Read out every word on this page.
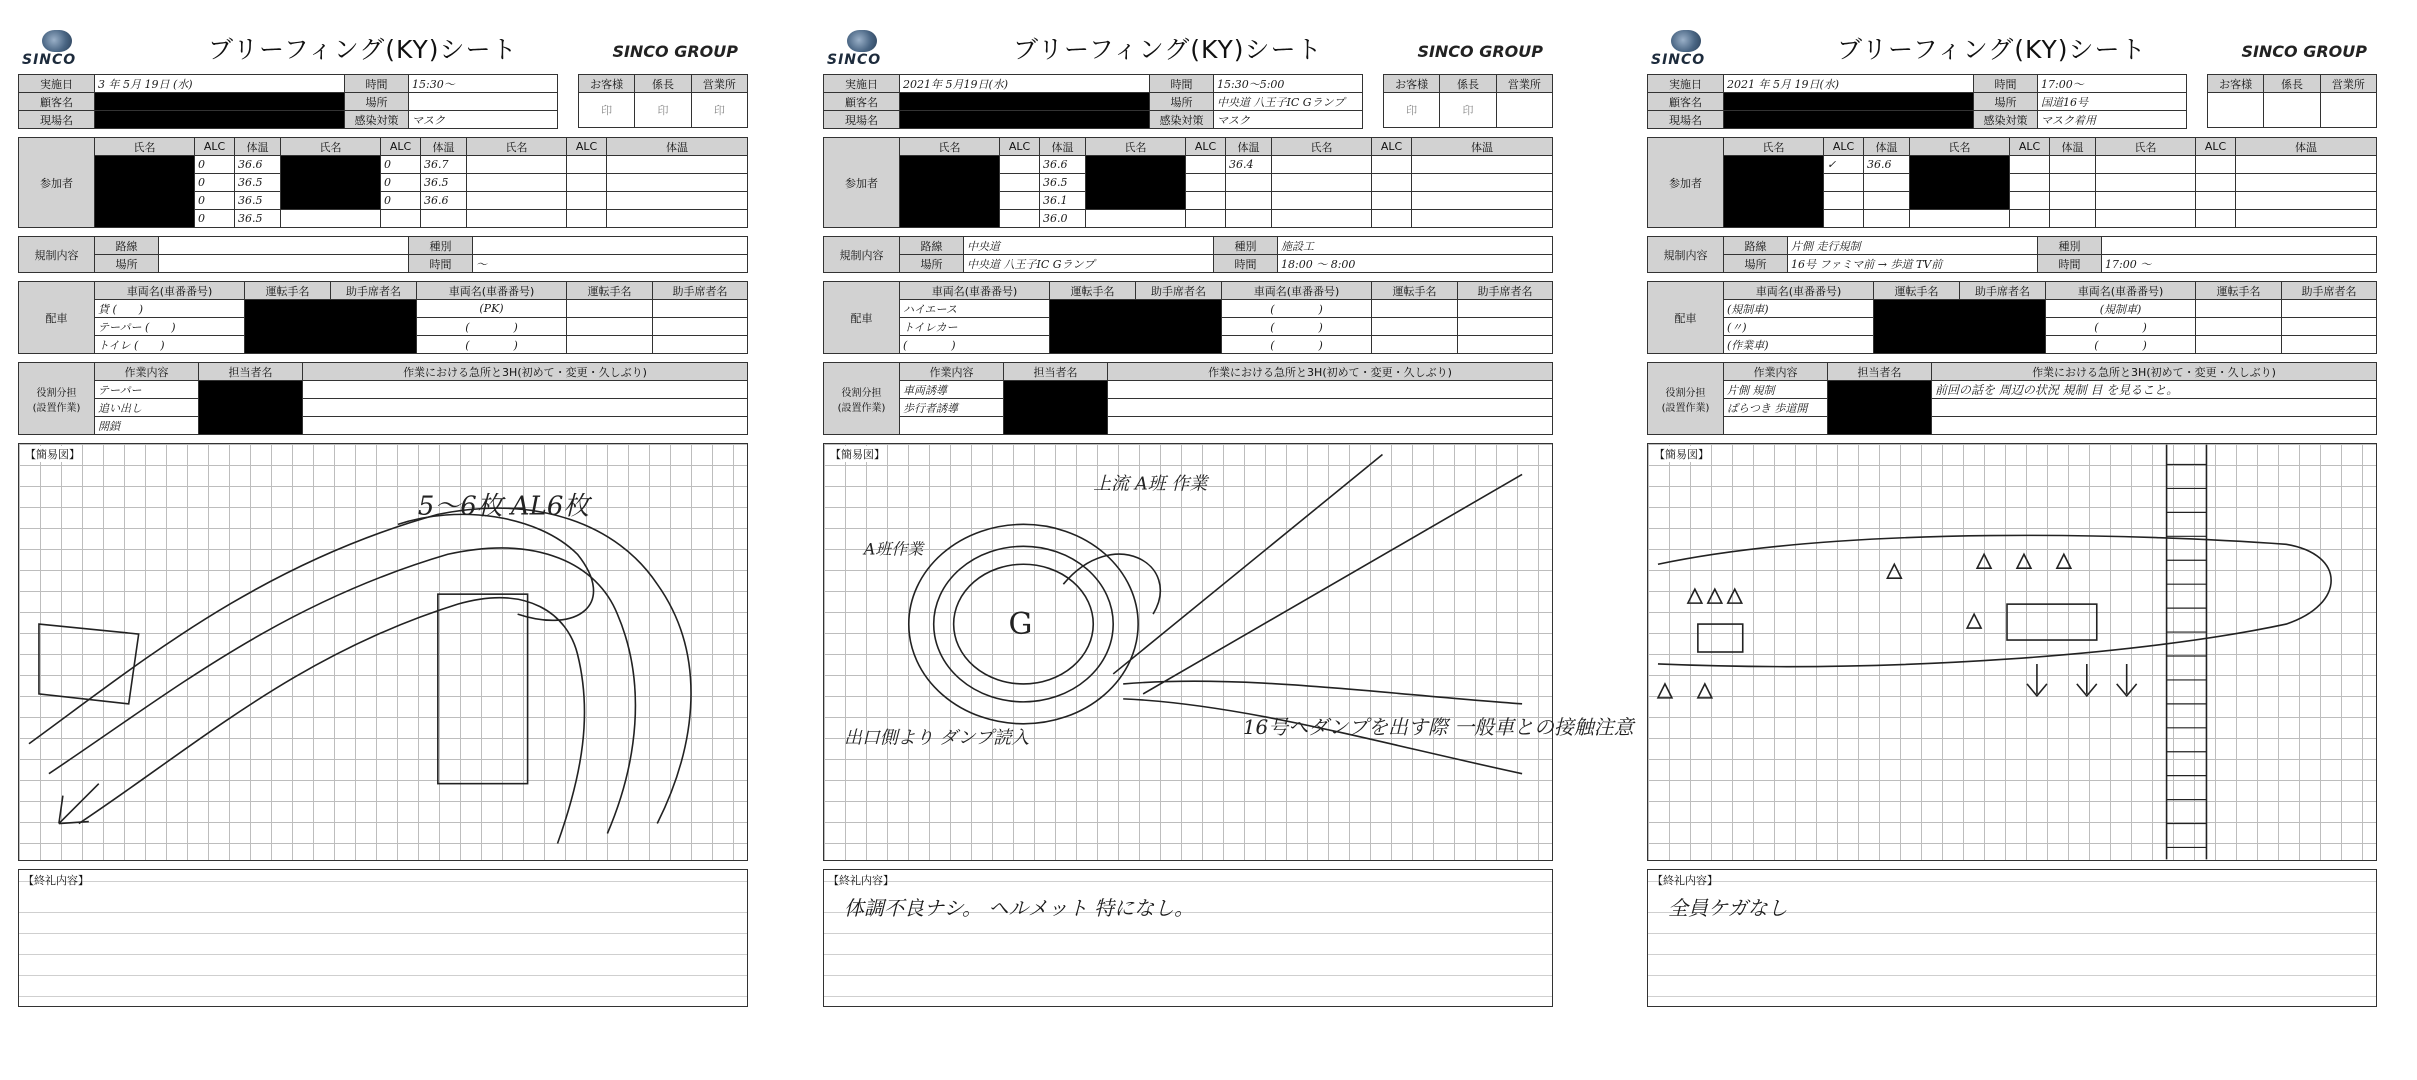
SINCO	ブリーフィング(KY)シート	SINCO GROUP
実施日	3 年 5月 19日 (水)	時間	15:30～
顧客名		場所	
現場名		感染対策	マスク
お客様	係長	営業所
印	印	印
参加者	氏名	ALC	体温	氏名	ALC	体温	氏名	ALC	体温
		0	36.6		0	36.7			
		0	36.5		0	36.5			
		0	36.5		0	36.6			
		0	36.5						
規制内容	路線		種別	
	場所		時間	～
配車	車両名(車番番号)	運転手名	助手席者名	車両名(車番番号)	運転手名	助手席者名
	貨 (　　)			(PK)		
	テーパー (　　)			(　　　　)		
	トイレ (　　)			(　　　　)		
役割分担
(設置作業)	作業内容	担当者名	作業における急所と3H(初めて・変更・久しぶり)
	テーパー		
	追い出し		
	開鎖		
【簡易図】
5～6枚 AL6枚
【終礼内容】
SINCO	ブリーフィング(KY)シート	SINCO GROUP
実施日	2021年 5月19日(水)	時間	15:30～5:00
顧客名		場所	中央道 八王子IC Gランプ
現場名		感染対策	マスク
お客様	係長	営業所
印	印	
参加者	氏名	ALC	体温	氏名	ALC	体温	氏名	ALC	体温
			36.6			36.4			
			36.5						
			36.1						
			36.0						
規制内容	路線	中央道	種別	施設工
	場所	中央道 八王子IC Gランプ	時間	18:00 ～ 8:00
配車	車両名(車番番号)	運転手名	助手席者名	車両名(車番番号)	運転手名	助手席者名
	ハイエース			(　　　　)		
	トイレカー			(　　　　)		
	(　　　　)			(　　　　)		
役割分担
(設置作業)	作業内容	担当者名	作業における急所と3H(初めて・変更・久しぶり)
	車両誘導		
	歩行者誘導		

【簡易図】
G
上流 A班 作業
A班作業
出口側より ダンプ読入	16号へダンプを出す際 一般車との接触注意
【終礼内容】
体調不良ナシ。 ヘルメット 特になし。
SINCO	ブリーフィング(KY)シート	SINCO GROUP
実施日	2021 年 5月 19日(水)	時間	17:00～
顧客名		場所	国道16号
現場名		感染対策	マスク着用
お客様	係長	営業所

参加者	氏名	ALC	体温	氏名	ALC	体温	氏名	ALC	体温
		✓	36.6						

規制内容	路線	片側 走行規制	種別	
	場所	16号 ファミマ前 → 歩道 TV前	時間	17:00 ～
配車	車両名(車番番号)	運転手名	助手席者名	車両名(車番番号)	運転手名	助手席者名
	(規制車)			(規制車)		
	(〃)			(　　　　)		
	(作業車)			(　　　　)		
役割分担
(設置作業)	作業内容	担当者名	作業における急所と3H(初めて・変更・久しぶり)
	片側 規制		前回の話を 周辺の状況 規制 目 を見ること。
	ぱらつき 歩道開		

【簡易図】
【終礼内容】
全員ケガなし
